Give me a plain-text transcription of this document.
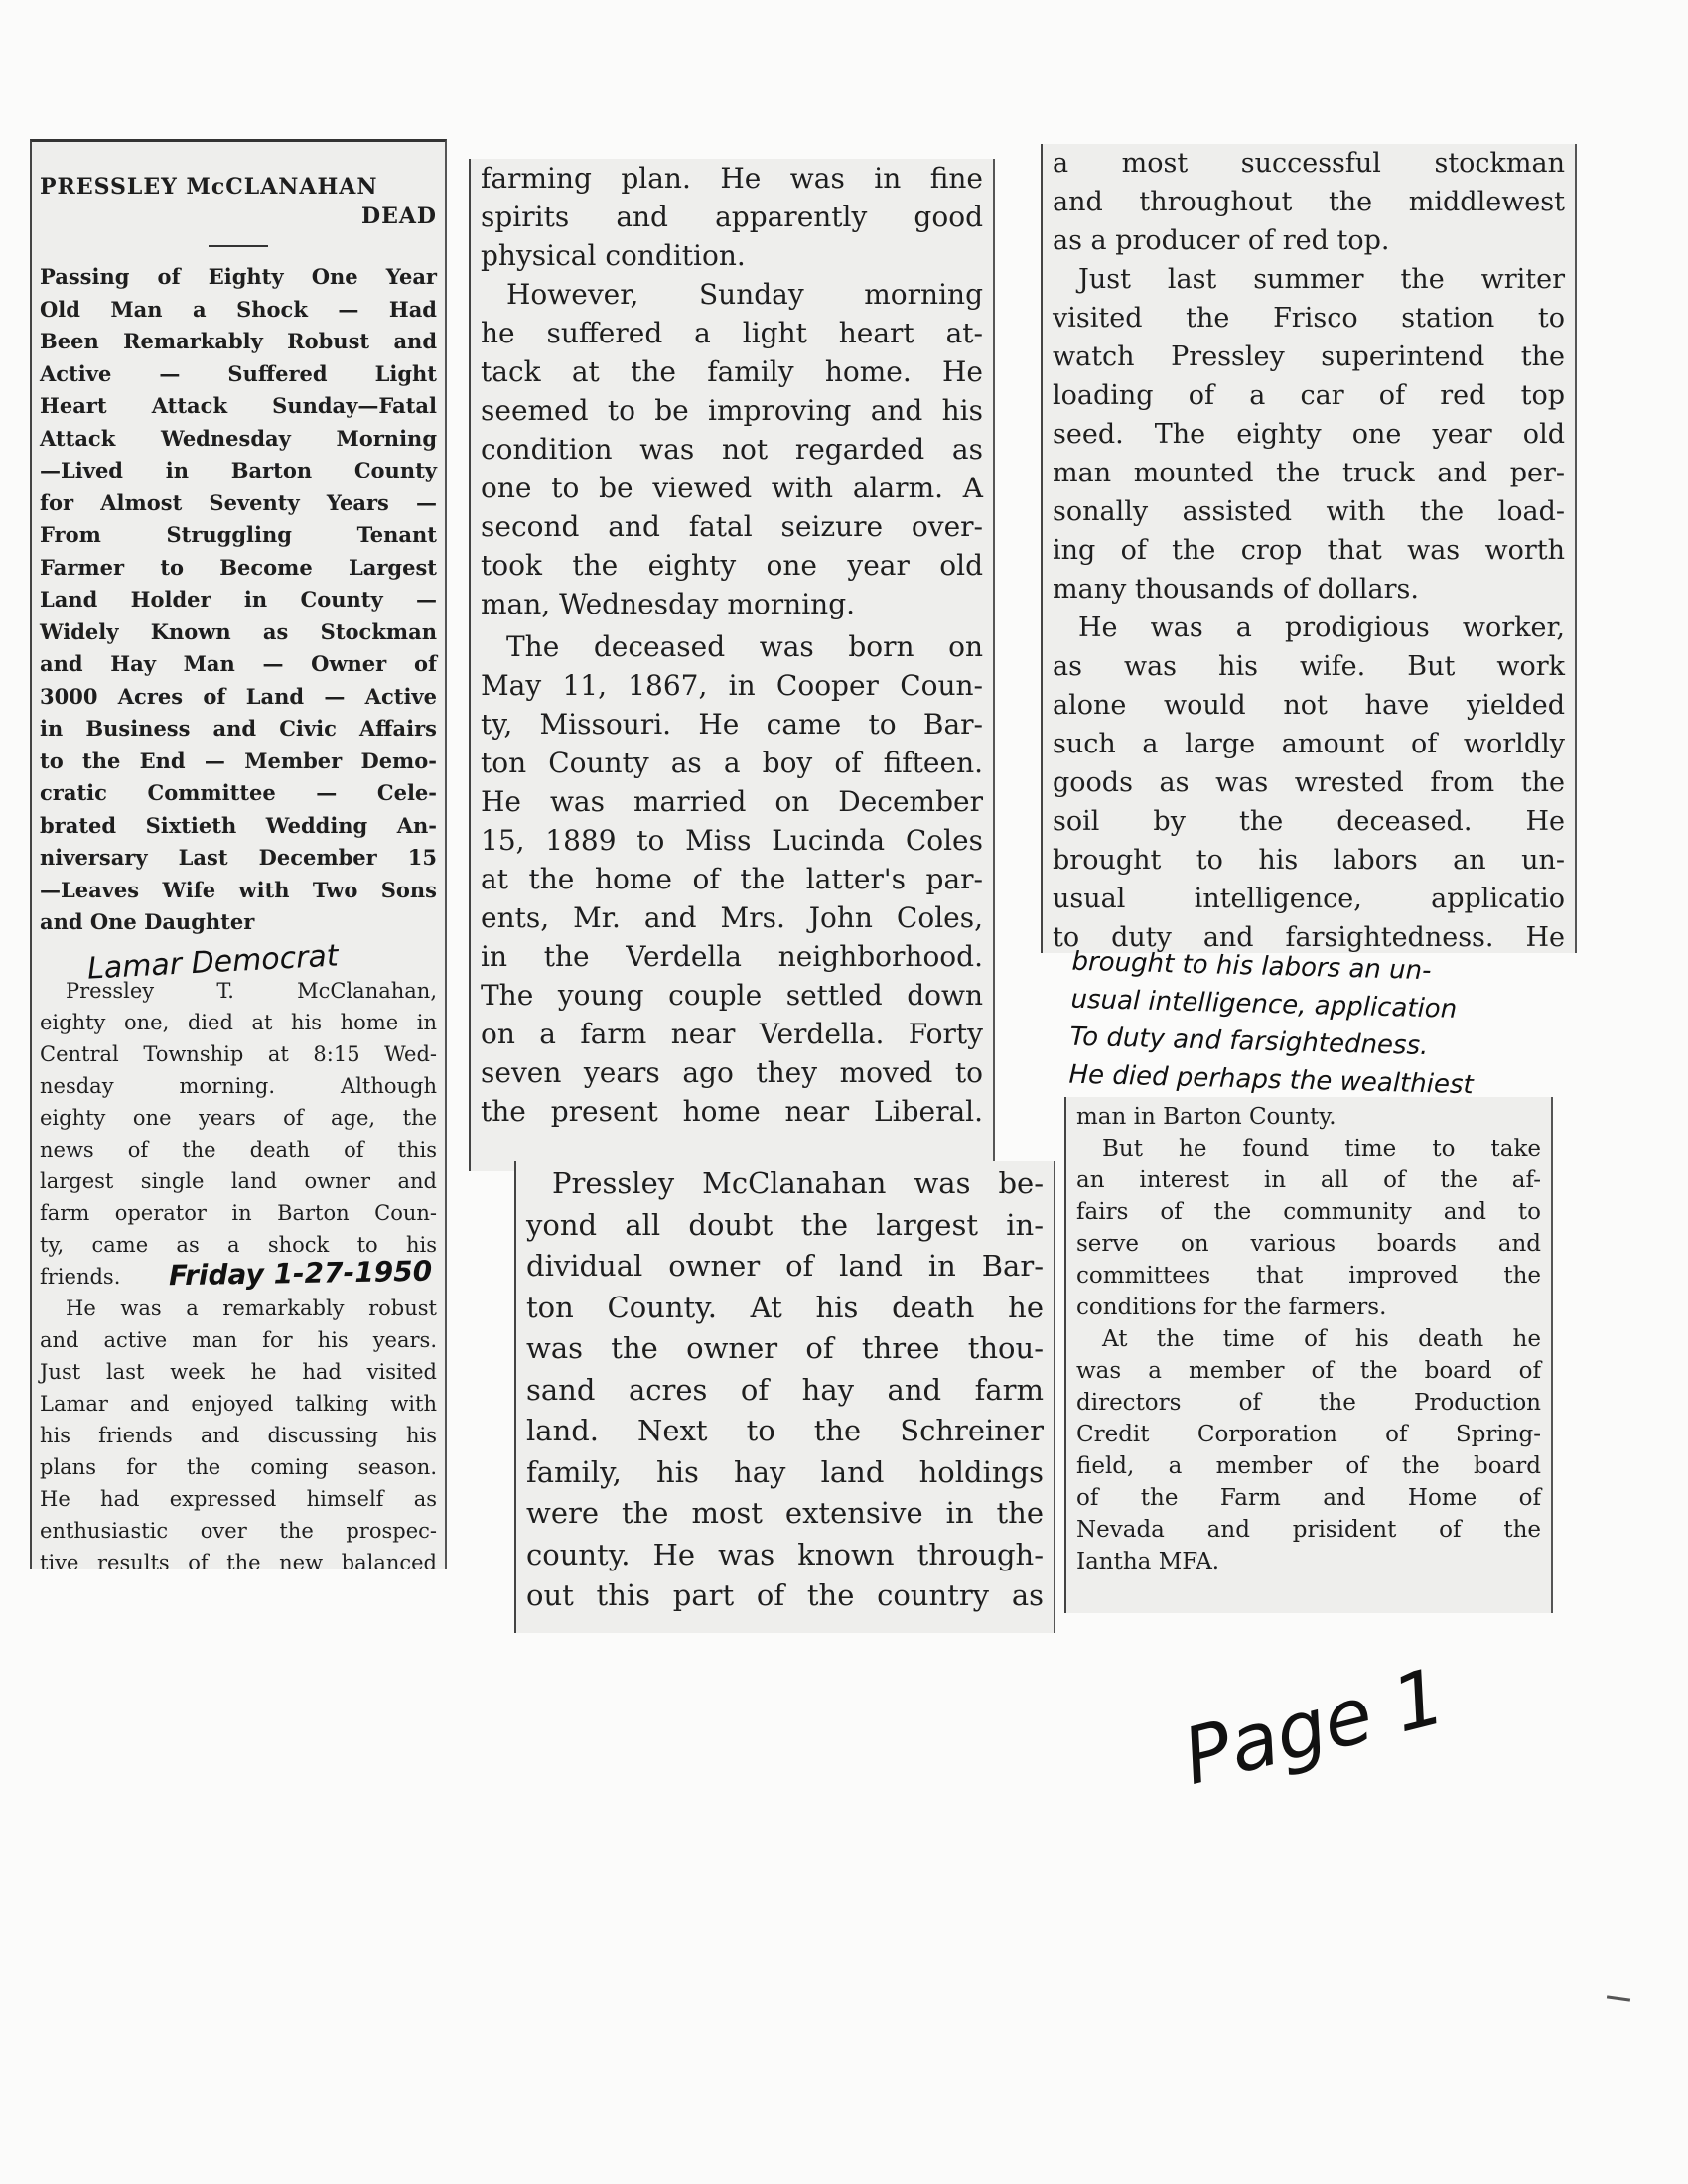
PRESSLEY McCLANAHAN

DEAD

Passing of Eighty One Year

Old Man a Shock — Had

Been Remarkably Robust and

Active — Suffered Light

Heart Attack Sunday—Fatal

Attack Wednesday Morning

—Lived in Barton County

for Almost Seventy Years —

From Struggling Tenant

Farmer to Become Largest

Land Holder in County —

Widely Known as Stockman

and Hay Man — Owner of

3000 Acres of Land — Active

in Business and Civic Affairs

to the End — Member Demo-

cratic Committee — Cele-

brated Sixtieth Wedding An-

niversary Last December 15

—Leaves Wife with Two Sons

and One Daughter

Pressley T. McClanahan,

eighty one, died at his home in

Central Township at 8:15 Wed-

nesday morning. Although

eighty one years of age, the

news of the death of this

largest single land owner and

farm operator in Barton Coun-

ty, came as a shock to his

friends.

He was a remarkably robust

and active man for his years.

Just last week he had visited

Lamar and enjoyed talking with

his friends and discussing his

plans for the coming season.

He had expressed himself as

enthusiastic over the prospec-

tive results of the new balanced

farming plan. He was in fine

spirits and apparently good

physical condition.

However, Sunday morning

he suffered a light heart at-

tack at the family home. He

seemed to be improving and his

condition was not regarded as

one to be viewed with alarm. A

second and fatal seizure over-

took the eighty one year old

man, Wednesday morning.

The deceased was born on

May 11, 1867, in Cooper Coun-

ty, Missouri. He came to Bar-

ton County as a boy of fifteen.

He was married on December

15, 1889 to Miss Lucinda Coles

at the home of the latter's par-

ents, Mr. and Mrs. John Coles,

in the Verdella neighborhood.

The young couple settled down

on a farm near Verdella. Forty

seven years ago they moved to

the present home near Liberal.

Pressley McClanahan was be-

yond all doubt the largest in-

dividual owner of land in Bar-

ton County. At his death he

was the owner of three thou-

sand acres of hay and farm

land. Next to the Schreiner

family, his hay land holdings

were the most extensive in the

county. He was known through-

out this part of the country as

a most successful stockman

and throughout the middlewest

as a producer of red top.

Just last summer the writer

visited the Frisco station to

watch Pressley superintend the

loading of a car of red top

seed. The eighty one year old

man mounted the truck and per-

sonally assisted with the load-

ing of the crop that was worth

many thousands of dollars.

He was a prodigious worker,

as was his wife. But work

alone would not have yielded

such a large amount of worldly

goods as was wrested from the

soil by the deceased. He

brought to his labors an un-

usual intelligence, applicatio

to duty and farsightedness. He

man in Barton County.

But he found time to take

an interest in all of the af-

fairs of the community and to

serve on various boards and

committees that improved the

conditions for the farmers.

At the time of his death he

was a member of the board of

directors of the Production

Credit Corporation of Spring-

field, a member of the board

of the Farm and Home of

Nevada and prisident of the

Iantha MFA.

Lamar Democrat
Friday 1-27-1950

brought to his labors an un-

usual intelligence, application

To duty and farsightedness.

He died perhaps the wealthiest

Page 1
